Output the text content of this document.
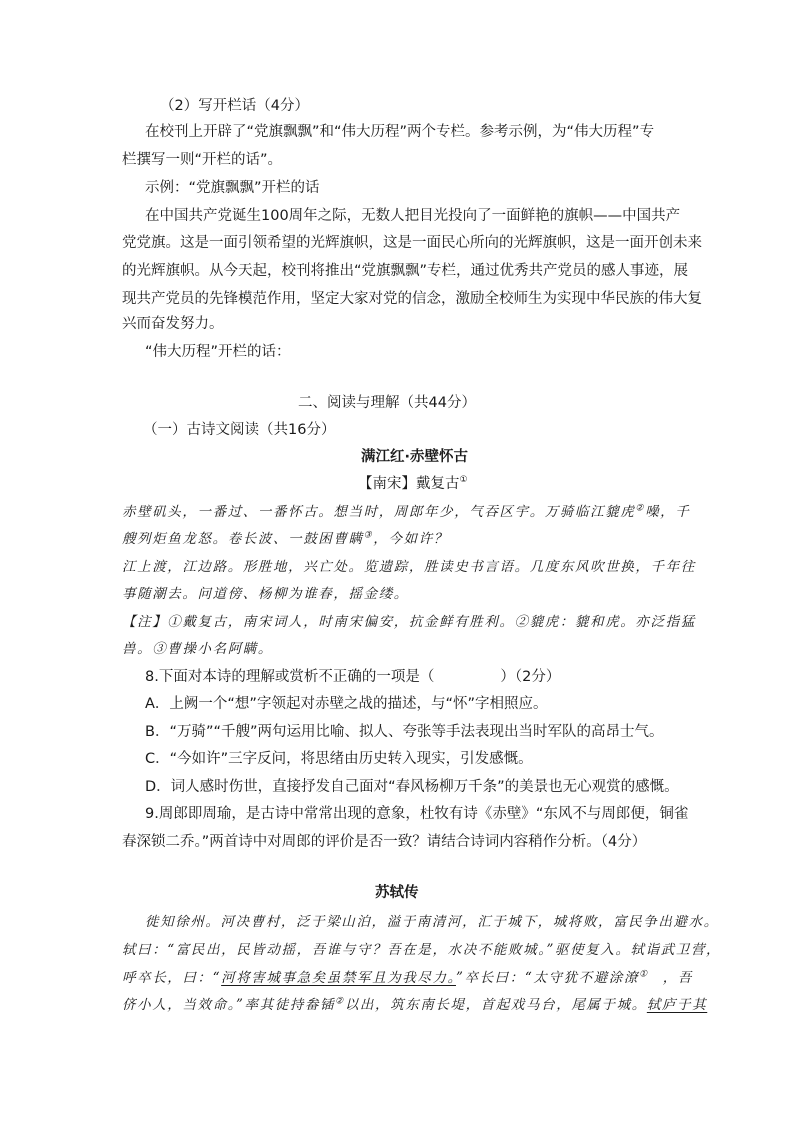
（2）写开栏话（4分）
在校刊上开辟了“党旗飘飘”和“伟大历程”两个专栏。参考示例，为“伟大历程”专
栏撰写一则“开栏的话”。
示例：“党旗飘飘”开栏的话
在中国共产党诞生100周年之际，无数人把目光投向了一面鲜艳的旗帜——中国共产
党党旗。这是一面引领希望的光辉旗帜，这是一面民心所向的光辉旗帜，这是一面开创未来
的光辉旗帜。从今天起，校刊将推出“党旗飘飘”专栏，通过优秀共产党员的感人事迹，展
现共产党员的先锋模范作用，坚定大家对党的信念，激励全校师生为实现中华民族的伟大复
兴而奋发努力。
“伟大历程”开栏的话：
二、阅读与理解（共44分）
（一）古诗文阅读（共16分）
满江红·赤壁怀古
【南宋】戴复古①
赤壁矶头，一番过、一番怀古。想当时，周郎年少，气吞区宇。万骑临江貔虎②噪，千
艘列炬鱼龙怒。卷长波、一鼓困曹瞒③，今如许？
江上渡，江边路。形胜地，兴亡处。览遗踪，胜读史书言语。几度东风吹世换，千年往
事随潮去。问道傍、杨柳为谁春，摇金缕。
【注】①戴复古，南宋词人，时南宋偏安，抗金鲜有胜利。②貔虎：貔和虎。亦泛指猛
兽。③曹操小名阿瞒。
8.下面对本诗的理解或赏析不正确的一项是（	）（2分）
A．上阙一个“想”字领起对赤壁之战的描述，与“怀”字相照应。
B．“万骑”“千艘”两句运用比喻、拟人、夸张等手法表现出当时军队的高昂士气。
C．“今如许”三字反问，将思绪由历史转入现实，引发感慨。
D．词人感时伤世，直接抒发自己面对“春风杨柳万千条”的美景也无心观赏的感慨。
9.周郎即周瑜，是古诗中常常出现的意象，杜牧有诗《赤壁》“东风不与周郎便，铜雀
春深锁二乔。”两首诗中对周郎的评价是否一致？请结合诗词内容稍作分析。（4分）
苏轼传
徙知徐州。河决曹村，泛于梁山泊，溢于南清河，汇于城下，城将败，富民争出避水。
轼曰：“富民出，民皆动摇，吾谁与守？吾在是，水决不能败城。”驱使复入。轼诣武卫营，
呼卒长，曰：“河将害城事急矣虽禁军且为我尽力。”卒长曰：“太守犹不避涂潦① ，吾
侪小人，当效命。”率其徒持畚锸②以出，筑东南长堤，首起戏马台，尾属于城。轼庐于其
